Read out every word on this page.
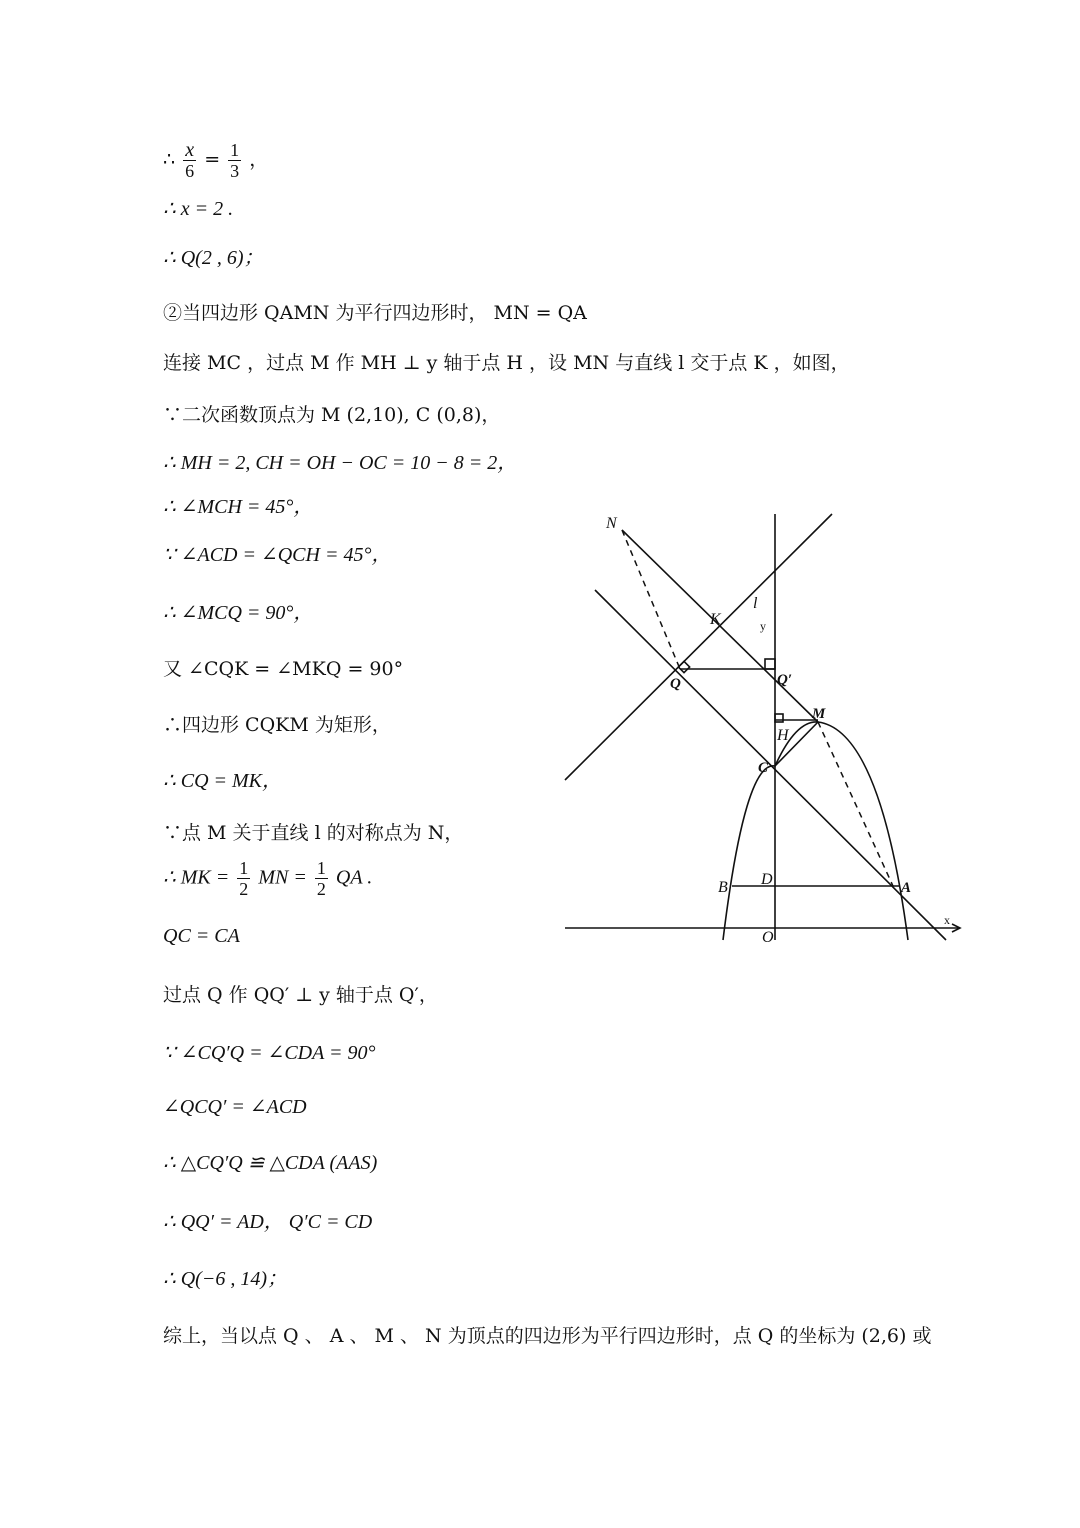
∴ $\frac{x}{6} = \frac{1}{3}$ ，
∴ x = 2 .
∴ Q(2 , 6)；
②当四边形 QAMN 为平行四边形时， MN = QA
连接 MC ，过点 M 作 MH ⊥ y 轴于点 H ，设 MN 与直线 l 交于点 K ，如图，
∵二次函数顶点为 M (2,10), C (0,8)，
∴ MH = 2, CH = OH − OC = 10 − 8 = 2，
∴ ∠MCH = 45°，
∵ ∠ACD = ∠QCH = 45°，
∴ ∠MCQ = 90°，
又 ∠CQK = ∠MKQ = 90°
∴四边形 CQKM 为矩形，
∴ CQ = MK，
∵点 M 关于直线 l 的对称点为 N，
∴ MK = $\frac{1}{2}$ MN = $\frac{1}{2}$ QA .
QC = CA
过点 Q 作 QQ′ ⊥ y 轴于点 Q′，
∵ ∠CQ′Q = ∠CDA = 90°
∠QCQ′ = ∠ACD
∴ △CQ′Q ≌ △CDA (AAS)
∴ QQ′ = AD， Q′C = CD
∴ Q(−6 , 14)；
综上，当以点 Q 、 A 、 M 、 N 为顶点的四边形为平行四边形时，点 Q 的坐标为 (2,6) 或
N
K
l
y
Q	Q′
M
H
C
D
B	A
O
x
